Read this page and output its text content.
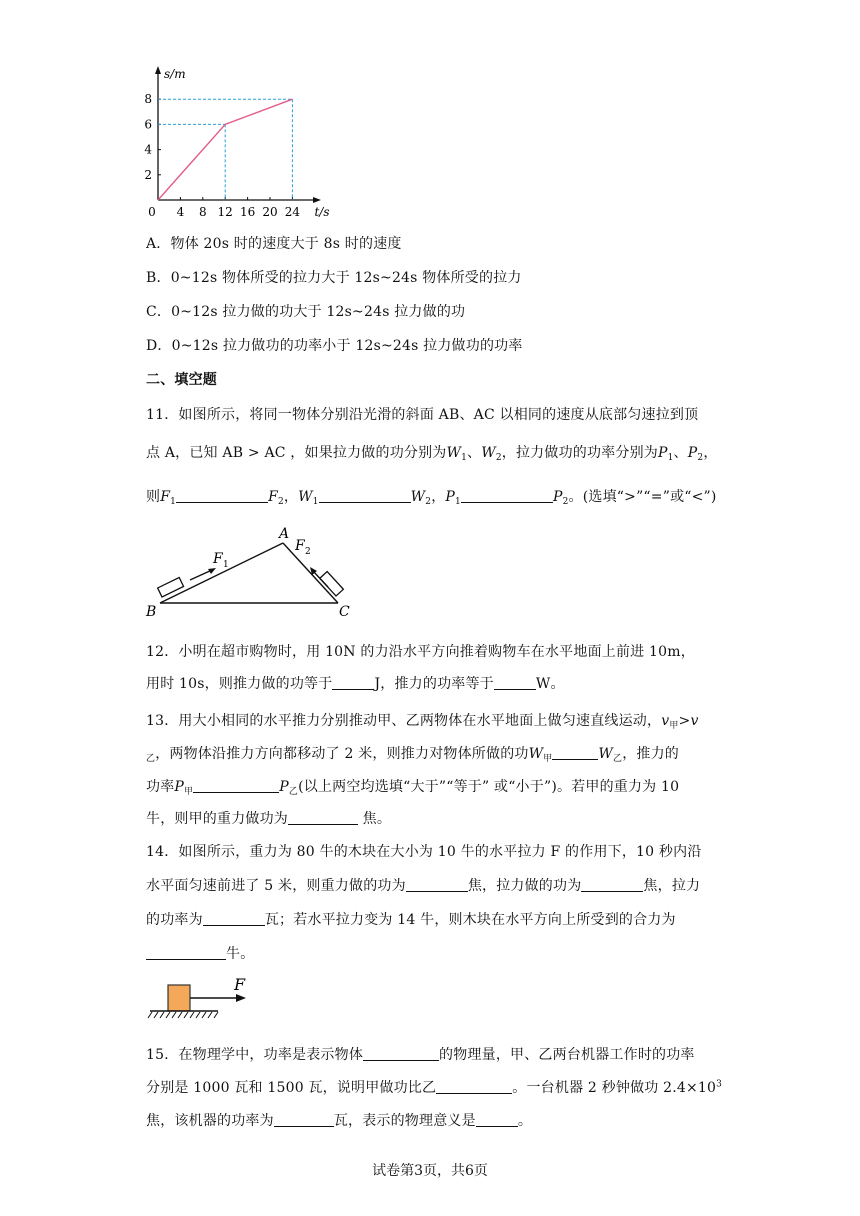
4 8 12 16 20 24
2
4
6
8
0
s/m
t/s
A．物体 20s 时的速度大于 8s 时的速度
B．0~12s 物体所受的拉力大于 12s~24s 物体所受的拉力
C．0~12s 拉力做的功大于 12s~24s 拉力做的功
D．0~12s 拉力做功的功率小于 12s~24s 拉力做功的功率
二、填空题
11．如图所示，将同一物体分别沿光滑的斜面 AB、AC 以相同的速度从底部匀速拉到顶
点 A，已知 AB > AC ，如果拉力做的功分别为$W_1$、$W_2$，拉力做功的功率分别为$P_1$、$P_2$，
则$F_1$	$F_2$，$W_1$	$W_2$，$P_1$	$P_2$。(选填“>”“=”或“<”)
A
B	C
F 1
F 2
12．小明在超市购物时，用 10N 的力沿水平方向推着购物车在水平地面上前进 10m，
用时 10s，则推力做的功等于	J，推力的功率等于	W。
13．用大小相同的水平推力分别推动甲、乙两物体在水平地面上做匀速直线运动，$v_甲>v$
$_乙$，两物体沿推力方向都移动了 2 米，则推力对物体所做的功$W_甲$	$W_乙$，推力的
功率$P_甲$	$P_乙$(以上两空均选填“大于”“等于” 或“小于”)。若甲的重力为 10
牛，则甲的重力做功为	焦。
14．如图所示，重力为 80 牛的木块在大小为 10 牛的水平拉力 F 的作用下，10 秒内沿
水平面匀速前进了 5 米，则重力做的功为	焦，拉力做的功为	焦，拉力
的功率为	瓦；若水平拉力变为 14 牛，则木块在水平方向上所受到的合力为
牛。
F
15．在物理学中，功率是表示物体	的物理量，甲、乙两台机器工作时的功率
分别是 1000 瓦和 1500 瓦，说明甲做功比乙	。一台机器 2 秒钟做功 $2.4\times 10^3$
焦，该机器的功率为	瓦，表示的物理意义是	。
试卷第3页，共6页
